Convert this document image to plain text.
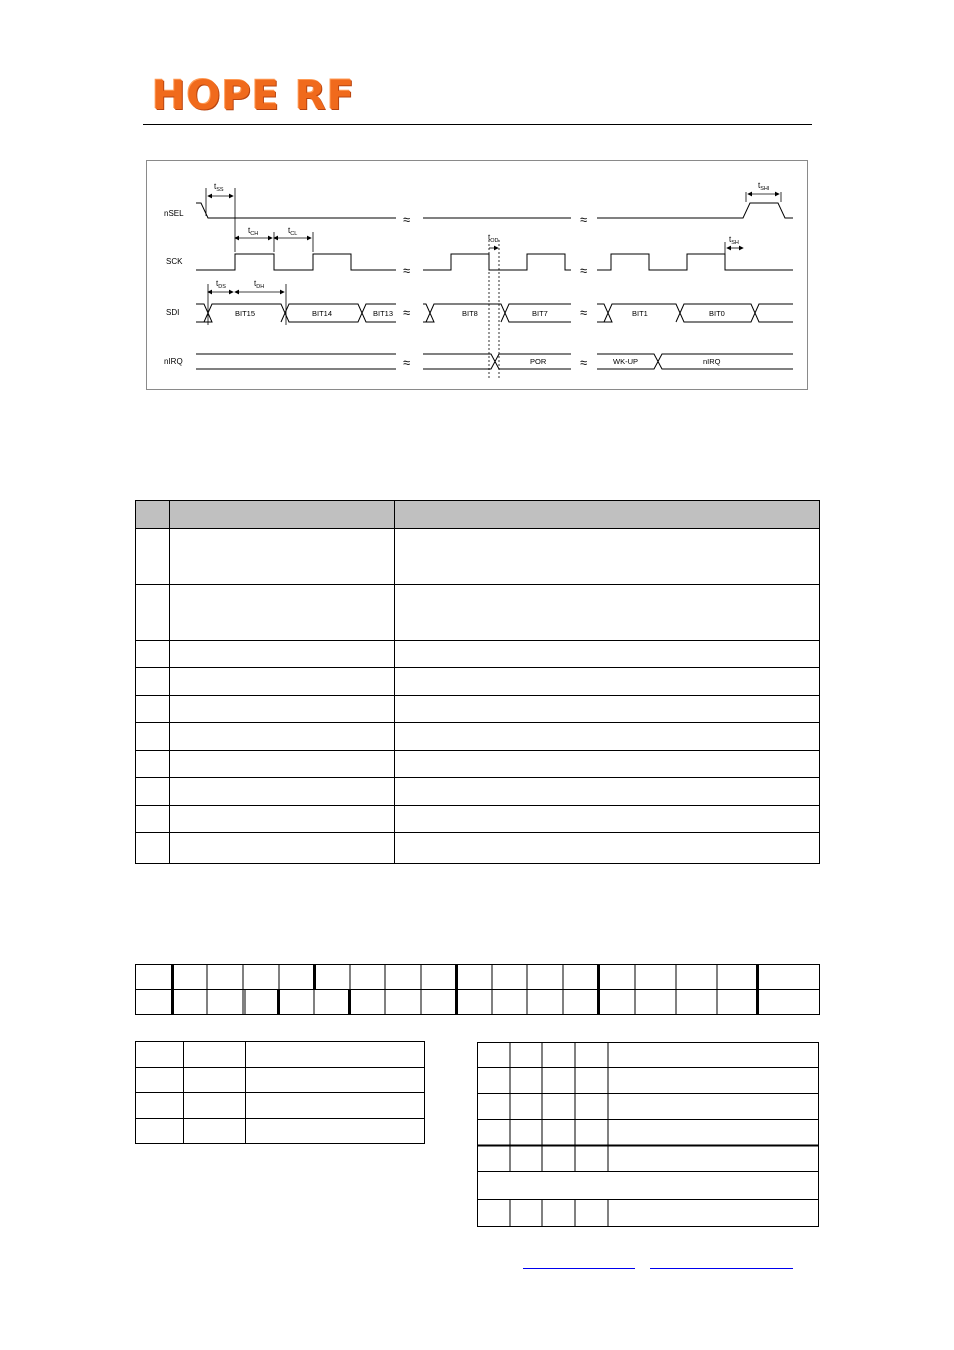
HOPE RF
nSEL
SCK
SDI
nIRQ
≈
≈
≈
≈
≈
≈
≈
≈
BIT15	BIT14	BIT13	BIT8	BIT7	BIT1	BIT0
POR	WK-UP	nIRQ
$t_{SS}$
$t_{CH}$	$t_{CL}$
$t_{DS}$	$t_{DH}$
$t_{OD}$
$t_{SHI}$
$t_{SH}$
